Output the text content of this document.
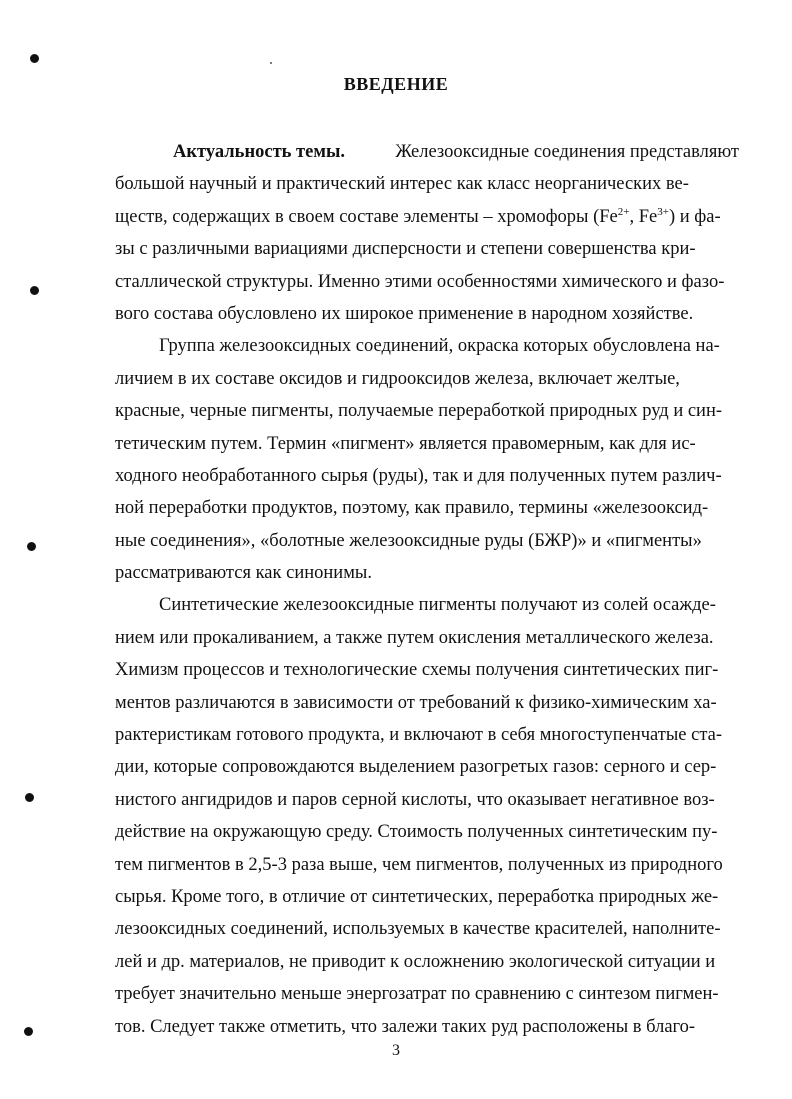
ВВЕДЕНИЕ
Актуальность темы.	Железооксидные соединения представляют
большой научный и практический интерес как класс неорганических ве-
ществ, содержащих в своем составе элементы – хромофоры ($Fe^{2+}$, $Fe^{3+}$) и фа-
зы с различными вариациями дисперсности и степени совершенства кри-
сталлической структуры. Именно этими особенностями химического и фазо-
вого состава обусловлено их широкое применение в народном хозяйстве.
Группа железооксидных соединений, окраска которых обусловлена на-
личием в их составе оксидов и гидрооксидов железа, включает желтые,
красные, черные пигменты, получаемые переработкой природных руд и син-
тетическим путем. Термин «пигмент» является правомерным, как для ис-
ходного необработанного сырья (руды), так и для полученных путем различ-
ной переработки продуктов, поэтому, как правило, термины «железооксид-
ные соединения», «болотные железооксидные руды (БЖР)» и «пигменты»
рассматриваются как синонимы.
Синтетические железооксидные пигменты получают из солей осажде-
нием или прокаливанием, а также путем окисления металлического железа.
Химизм процессов и технологические схемы получения синтетических пиг-
ментов различаются в зависимости от требований к физико-химическим ха-
рактеристикам готового продукта, и включают в себя многоступенчатые ста-
дии, которые сопровождаются выделением разогретых газов: серного и сер-
нистого ангидридов и паров серной кислоты, что оказывает негативное воз-
действие на окружающую среду. Стоимость полученных синтетическим пу-
тем пигментов в 2,5-3 раза выше, чем пигментов, полученных из природного
сырья. Кроме того, в отличие от синтетических, переработка природных же-
лезооксидных соединений, используемых в качестве красителей, наполните-
лей и др. материалов, не приводит к осложнению экологической ситуации и
требует значительно меньше энергозатрат по сравнению с синтезом пигмен-
тов. Следует также отметить, что залежи таких руд расположены в благо-
3
